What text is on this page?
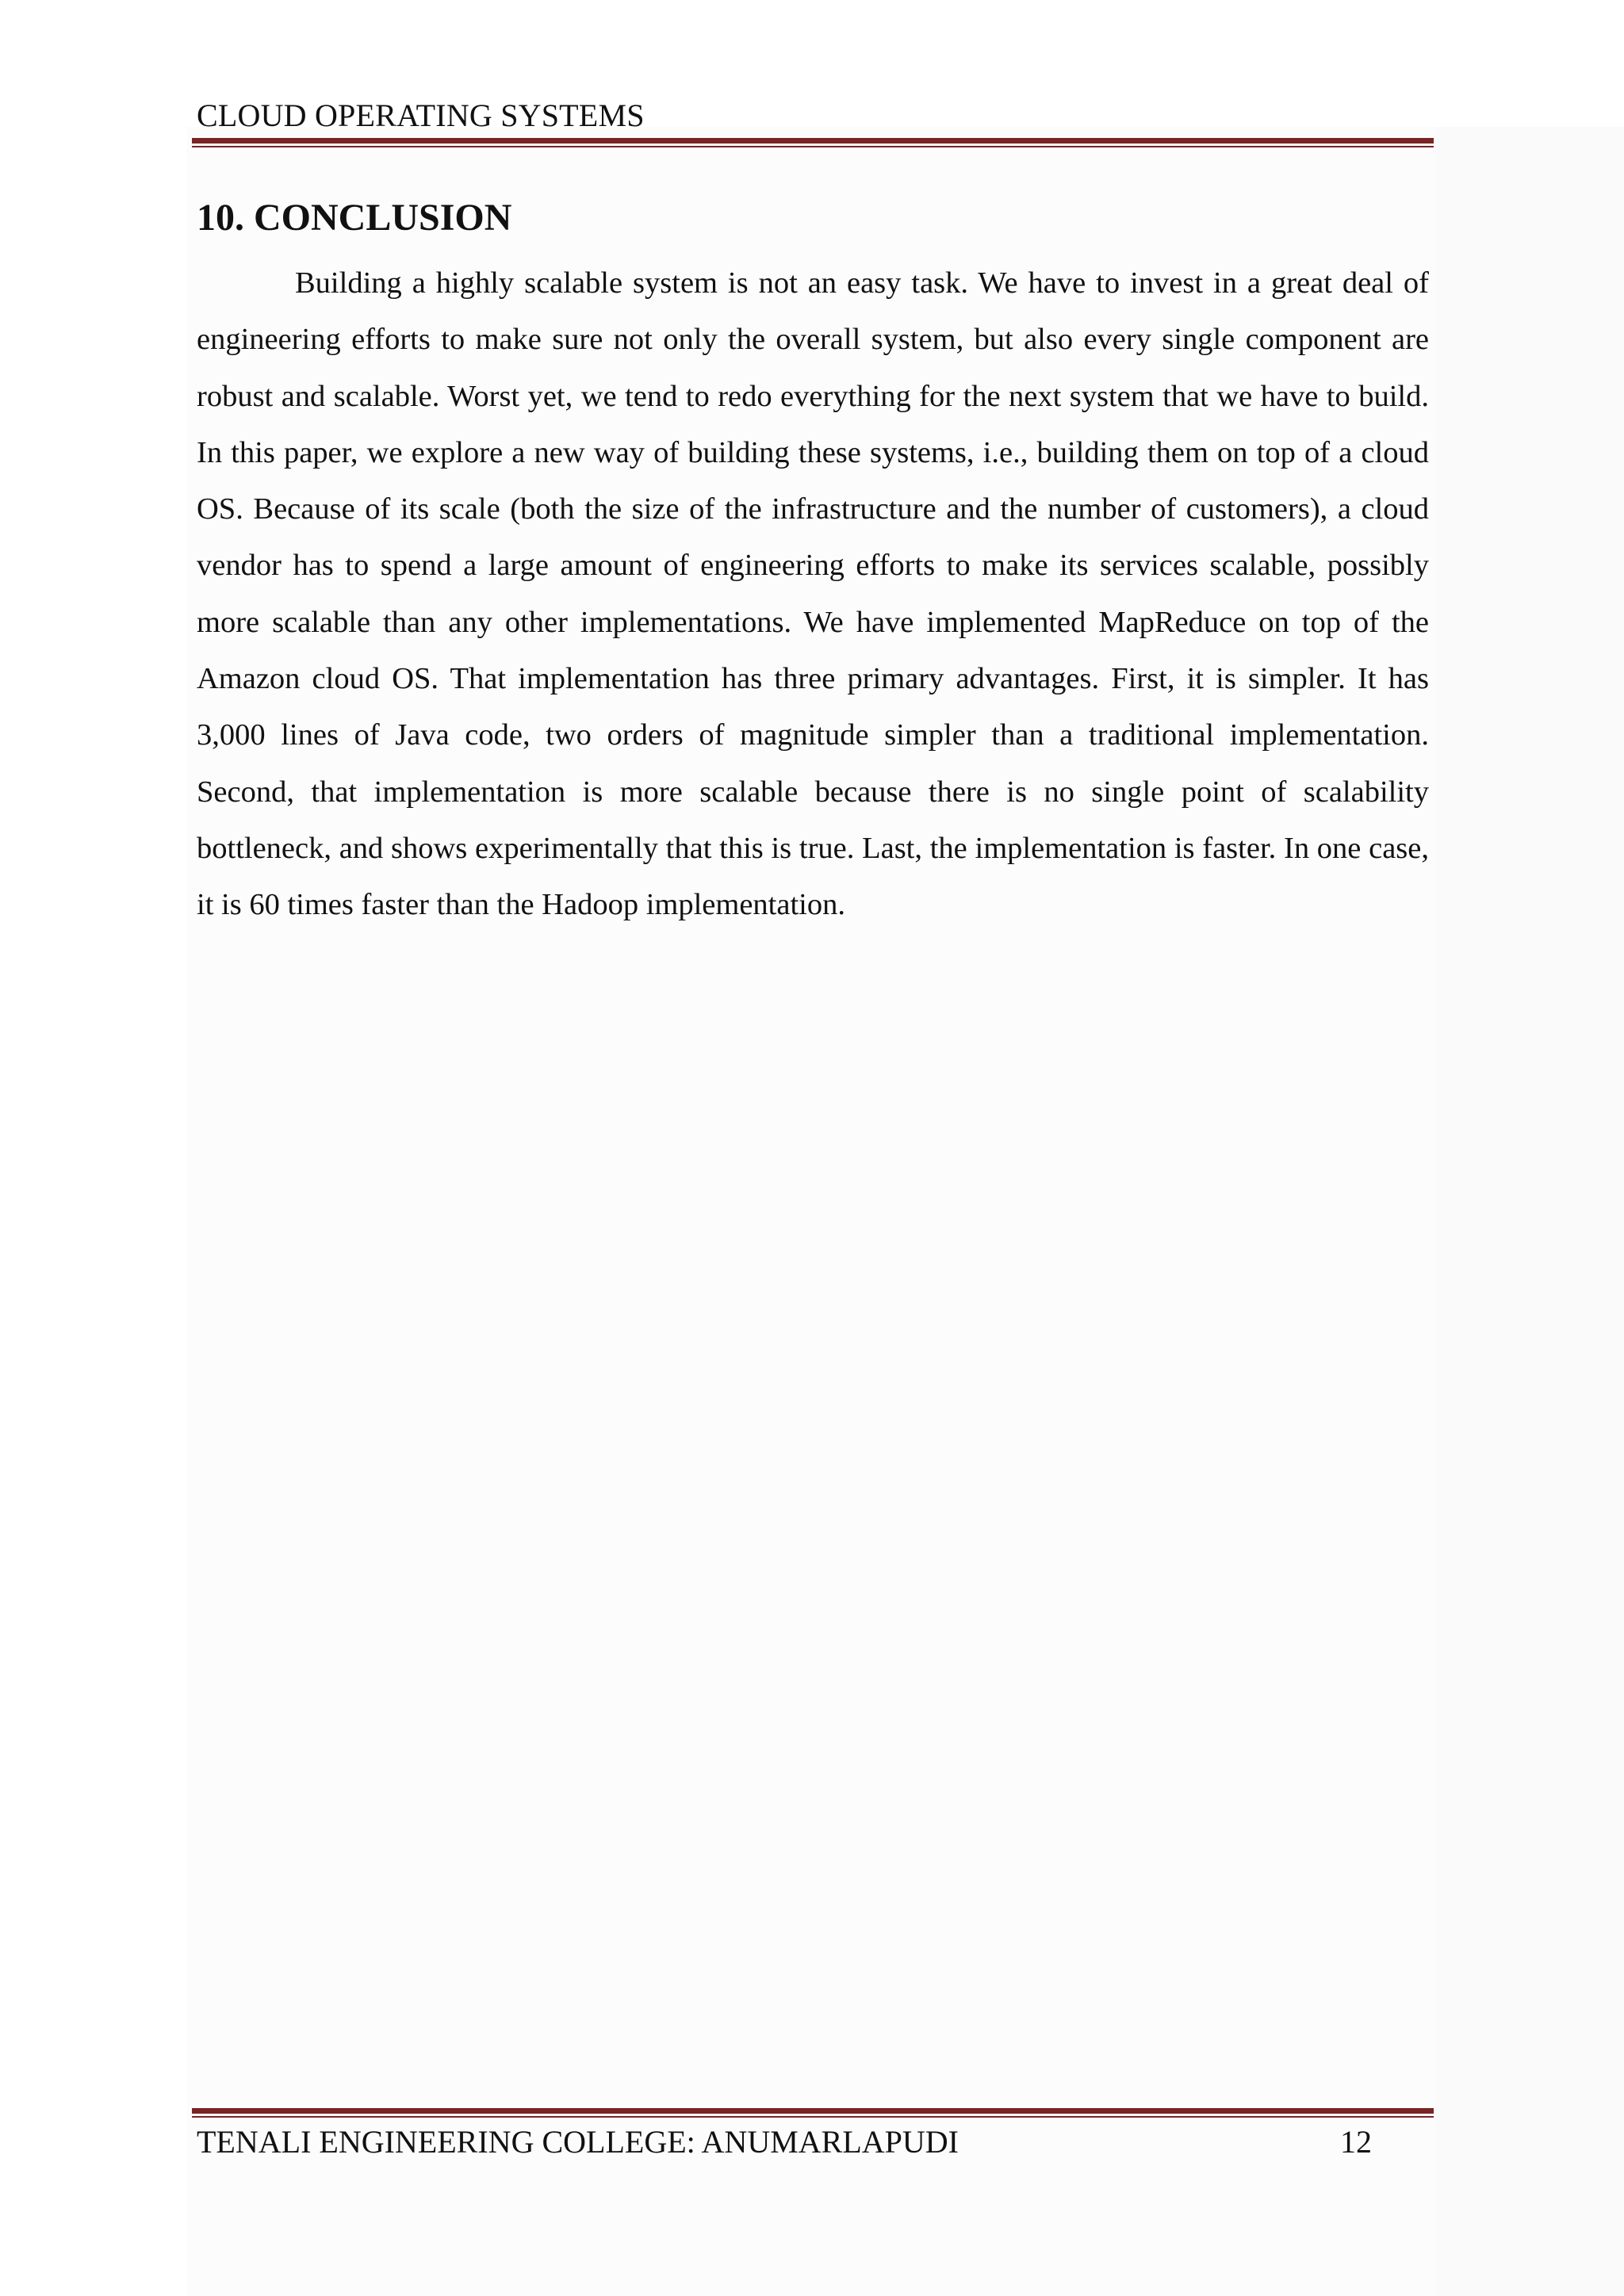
CLOUD OPERATING SYSTEMS
10. CONCLUSION

Building a highly scalable system is not an easy task. We have to invest in a great deal of engineering efforts to make sure not only the overall system, but also every single component are robust and scalable. Worst yet, we tend to redo everything for the next system that we have to build. In this paper, we explore a new way of building these systems, i.e., building them on top of a cloud OS. Because of its scale (both the size of the infrastructure and the number of customers), a cloud vendor has to spend a large amount of engineering efforts to make its services scalable, possibly more scalable than any other implementations. We have implemented MapReduce on top of the Amazon cloud OS. That implementation has three primary advantages. First, it is simpler. It has 3,000 lines of Java code, two orders of magnitude simpler than a traditional implementation. Second, that implementation is more scalable because there is no single point of scalability bottleneck, and shows experimentally that this is true. Last, the implementation is faster. In one case, it is 60 times faster than the Hadoop implementation.

TENALI ENGINEERING COLLEGE: ANUMARLAPUDI	12
